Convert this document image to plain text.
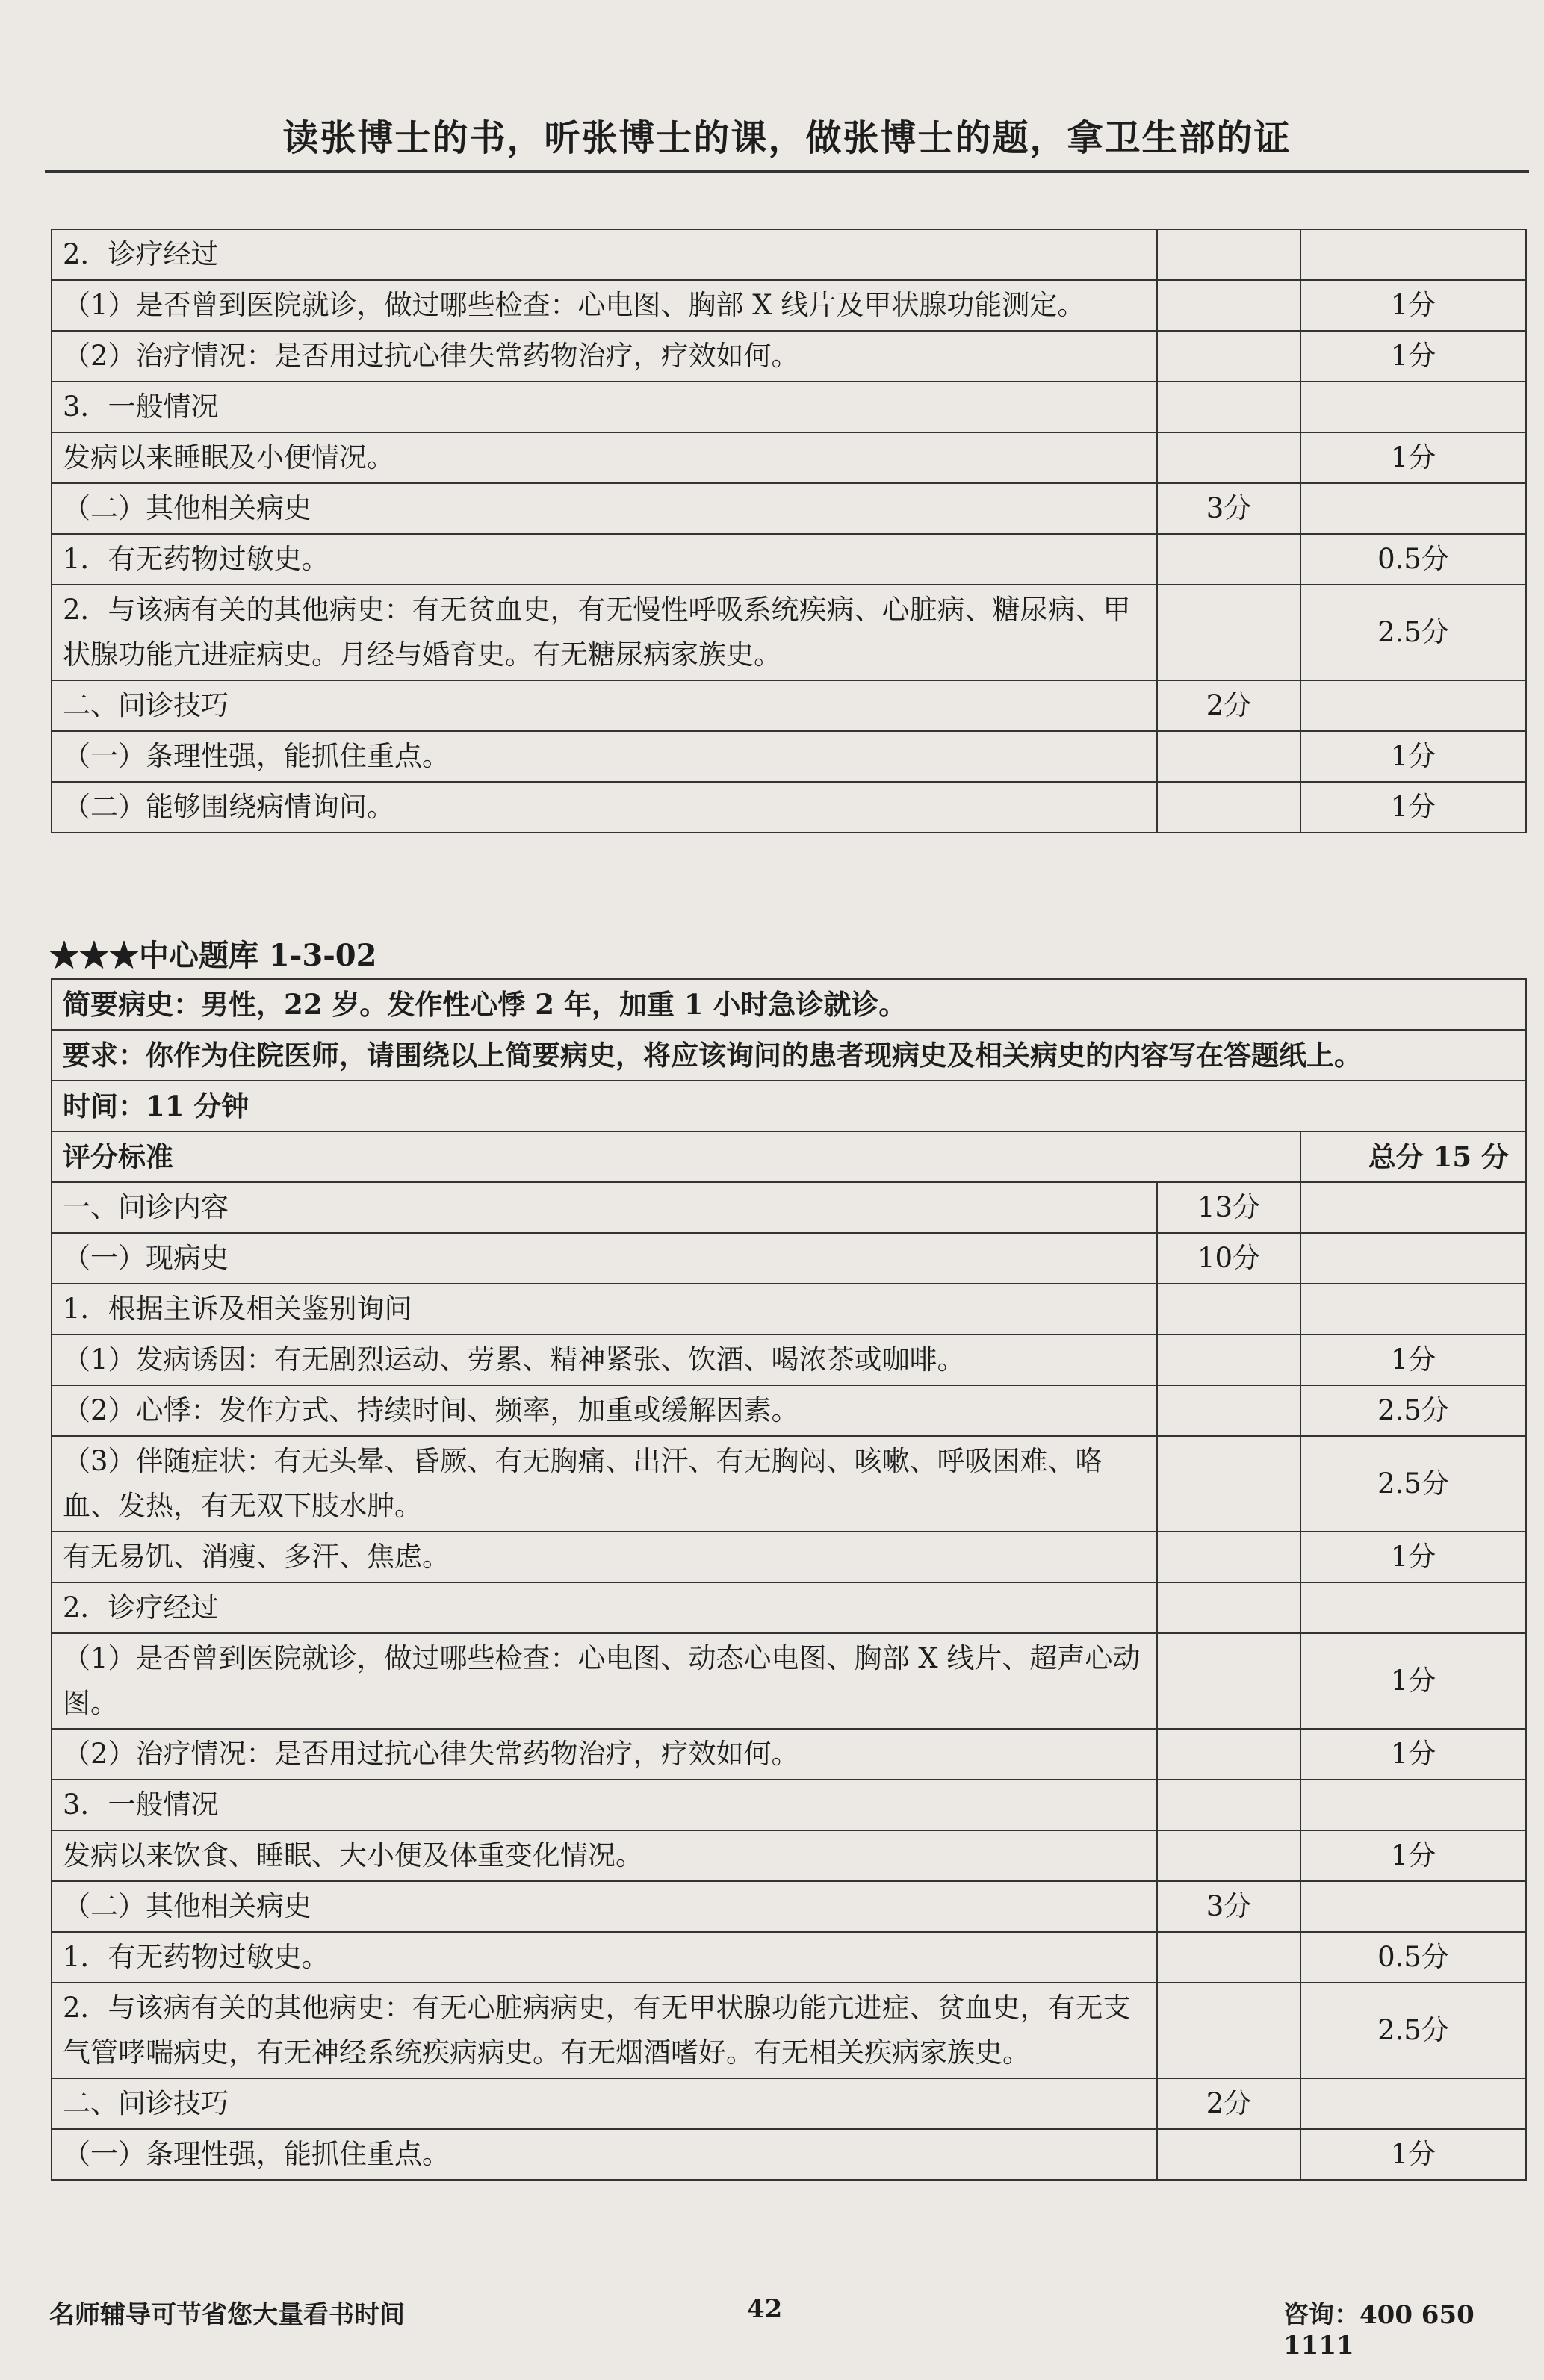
读张博士的书，听张博士的课，做张博士的题，拿卫生部的证
2．诊疗经过		
（1）是否曾到医院就诊，做过哪些检查：心电图、胸部 X 线片及甲状腺功能测定。		1分
（2）治疗情况：是否用过抗心律失常药物治疗，疗效如何。		1分
3．一般情况		
发病以来睡眠及小便情况。		1分
（二）其他相关病史	3分	
1．有无药物过敏史。		0.5分
2．与该病有关的其他病史：有无贫血史，有无慢性呼吸系统疾病、心脏病、糖尿病、甲状腺功能亢进症病史。月经与婚育史。有无糖尿病家族史。		2.5分
二、问诊技巧	2分	
（一）条理性强，能抓住重点。		1分
（二）能够围绕病情询问。		1分
★★★中心题库 1-3-02
简要病史：男性，22 岁。发作性心悸 2 年，加重 1 小时急诊就诊。		
要求：你作为住院医师，请围绕以上简要病史，将应该询问的患者现病史及相关病史的内容写在答题纸上。		
时间：11 分钟		
评分标准		总分 15 分
一、问诊内容	13分	
（一）现病史	10分	
1．根据主诉及相关鉴别询问		
（1）发病诱因：有无剧烈运动、劳累、精神紧张、饮酒、喝浓茶或咖啡。		1分
（2）心悸：发作方式、持续时间、频率，加重或缓解因素。		2.5分
（3）伴随症状：有无头晕、昏厥、有无胸痛、出汗、有无胸闷、咳嗽、呼吸困难、咯血、发热，有无双下肢水肿。		2.5分
有无易饥、消瘦、多汗、焦虑。		1分
2．诊疗经过		
（1）是否曾到医院就诊，做过哪些检查：心电图、动态心电图、胸部 X 线片、超声心动图。		1分
（2）治疗情况：是否用过抗心律失常药物治疗，疗效如何。		1分
3．一般情况		
发病以来饮食、睡眠、大小便及体重变化情况。		1分
（二）其他相关病史	3分	
1．有无药物过敏史。		0.5分
2．与该病有关的其他病史：有无心脏病病史，有无甲状腺功能亢进症、贫血史，有无支气管哮喘病史，有无神经系统疾病病史。有无烟酒嗜好。有无相关疾病家族史。		2.5分
二、问诊技巧	2分	
（一）条理性强，能抓住重点。		1分
名师辅导可节省您大量看书时间	42	咨询：400 650 1111
